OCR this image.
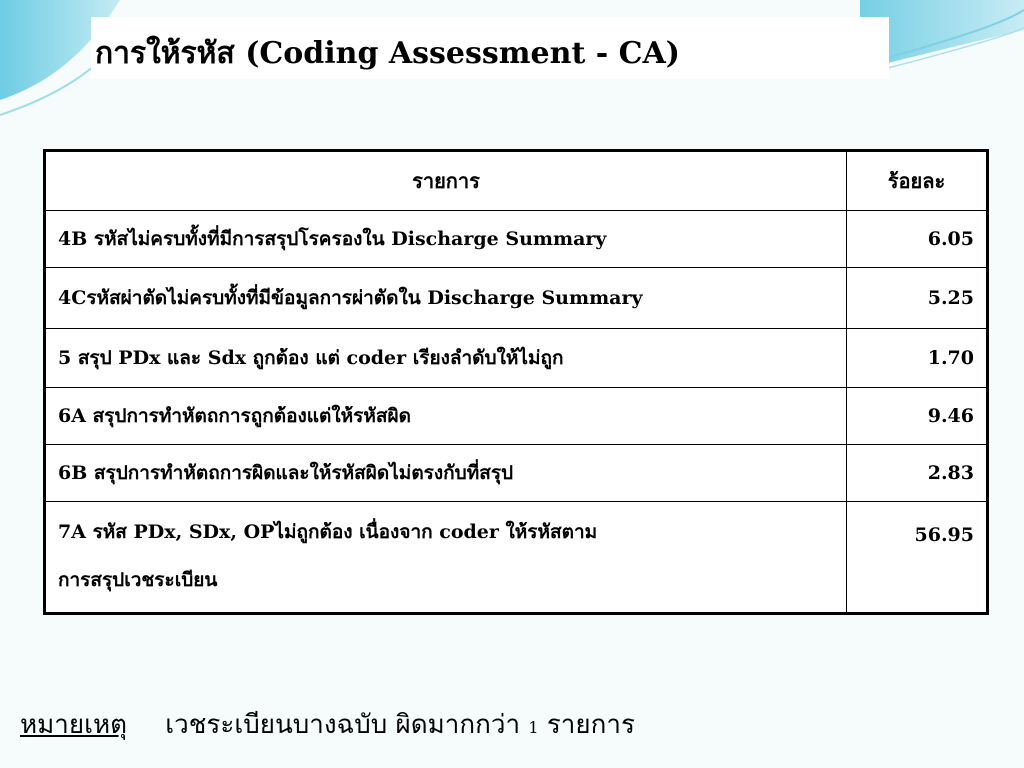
การให้รหัส (Coding Assessment - CA)
รายการ	ร้อยละ
4B รหัสไม่ครบทั้งที่มีการสรุปโรครองใน Discharge Summary	6.05
4Cรหัสผ่าตัดไม่ครบทั้งที่มีข้อมูลการผ่าตัดใน Discharge Summary	5.25
5 สรุป PDx และ Sdx ถูกต้อง แต่ coder เรียงลำดับให้ไม่ถูก	1.70
6A สรุปการทำหัตถการถูกต้องแต่ให้รหัสผิด	9.46
6B สรุปการทำหัตถการผิดและให้รหัสผิดไม่ตรงกับที่สรุป	2.83

7A รหัส PDx, SDx, OPไม่ถูกต้อง เนื่องจาก coder ให้รหัสตาม
การสรุปเวชระเบียน	56.95
หมายเหตุ เวชระเบียนบางฉบับ ผิดมากกว่า 1 รายการ
